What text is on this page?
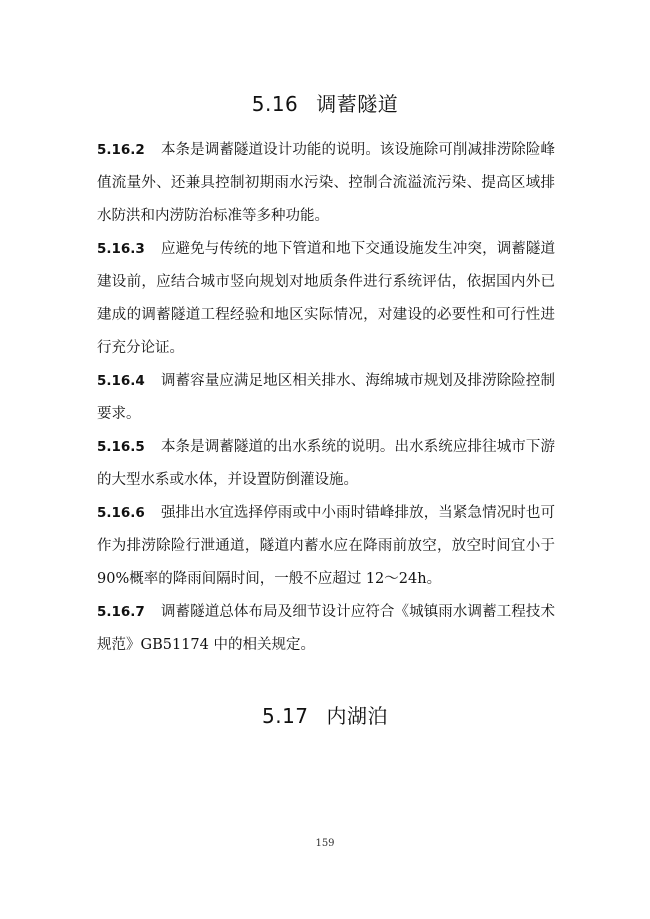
5.16 调蓄隧道

5.16.2 本条是调蓄隧道设计功能的说明。该设施除可削减排涝除险峰值流量外、还兼具控制初期雨水污染、控制合流溢流污染、提高区域排水防洪和内涝防治标准等多种功能。

5.16.3 应避免与传统的地下管道和地下交通设施发生冲突，调蓄隧道建设前，应结合城市竖向规划对地质条件进行系统评估，依据国内外已建成的调蓄隧道工程经验和地区实际情况，对建设的必要性和可行性进行充分论证。

5.16.4 调蓄容量应满足地区相关排水、海绵城市规划及排涝除险控制要求。

5.16.5 本条是调蓄隧道的出水系统的说明。出水系统应排往城市下游的大型水系或水体，并设置防倒灌设施。

5.16.6 强排出水宜选择停雨或中小雨时错峰排放，当紧急情况时也可作为排涝除险行泄通道，隧道内蓄水应在降雨前放空，放空时间宜小于 90%概率的降雨间隔时间，一般不应超过 12～24h。

5.16.7 调蓄隧道总体布局及细节设计应符合《城镇雨水调蓄工程技术规范》GB51174 中的相关规定。

5.17 内湖泊
159
